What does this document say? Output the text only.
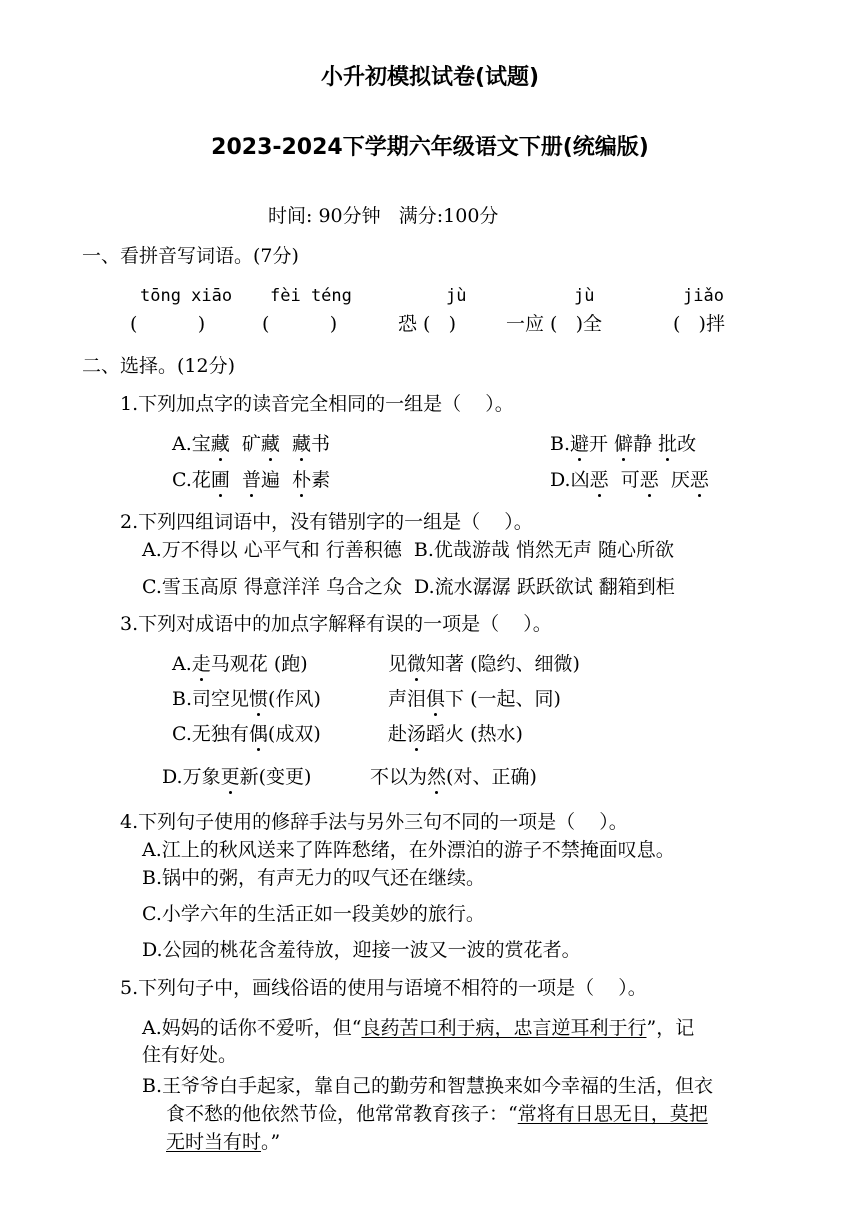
小升初模拟试卷(试题)
2023-2024下学期六年级语文下册(统编版)
时间: 90分钟   满分:100分
一、看拼音写词语。(7分)
tōng xiāo fèi téng	jù	jù	jiǎo
(          )	(          )	恐 (   )	一应 (   )全	(   )拌
二、选择。(12分)
1.下列加点字的读音完全相同的一组是（    ）。
A.宝藏  矿藏 藏书	B.避开 僻静 批改
C.花圃 普遍  朴素	D.凶恶  可恶  厌恶
2.下列四组词语中，没有错别字的一组是（    ）。
A.万不得以 心平气和 行善积德  B.优哉游哉 悄然无声 随心所欲
C.雪玉高原 得意洋洋 乌合之众  D.流水潺潺 跃跃欲试 翻箱到柜
3.下列对成语中的加点字解释有误的一项是（    ）。
A.走马观花 (跑)	见微知著 (隐约、细微)
B.司空见惯(作风)	声泪俱下 (一起、同)
C.无独有偶(成双)	赴汤蹈火 (热水)
D.万象更新(变更)	不以为然(对、正确)
4.下列句子使用的修辞手法与另外三句不同的一项是（    ）。
A.江上的秋风送来了阵阵愁绪，在外漂泊的游子不禁掩面叹息。
B.锅中的粥，有声无力的叹气还在继续。
C.小学六年的生活正如一段美妙的旅行。
D.公园的桃花含羞待放，迎接一波又一波的赏花者。
5.下列句子中，画线俗语的使用与语境不相符的一项是（    ）。
A.妈妈的话你不爱听，但“良药苦口利于病，忠言逆耳利于行”，记
住有好处。
B.王爷爷白手起家，靠自己的勤劳和智慧换来如今幸福的生活，但衣
食不愁的他依然节俭，他常常教育孩子：“常将有日思无日，莫把
无时当有时。”
